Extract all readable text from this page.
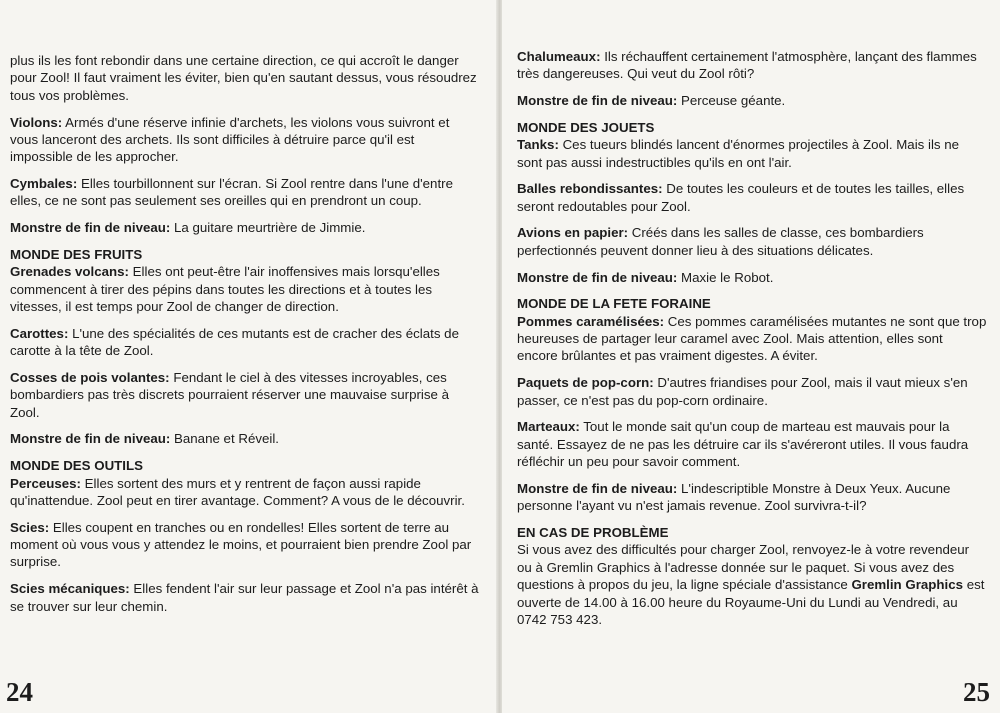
plus ils les font rebondir dans une certaine direction, ce qui accroît le danger pour Zool! Il faut vraiment les éviter, bien qu'en sautant dessus, vous résoudrez tous vos problèmes.

Violons: Armés d'une réserve infinie d'archets, les violons vous suivront et vous lanceront des archets. Ils sont difficiles à détruire parce qu'il est impossible de les approcher.

Cymbales: Elles tourbillonnent sur l'écran. Si Zool rentre dans l'une d'entre elles, ce ne sont pas seulement ses oreilles qui en prendront un coup.

Monstre de fin de niveau: La guitare meurtrière de Jimmie.

MONDE DES FRUITS

Grenades volcans: Elles ont peut-être l'air inoffensives mais lorsqu'elles commencent à tirer des pépins dans toutes les directions et à toutes les vitesses, il est temps pour Zool de changer de direction.

Carottes: L'une des spécialités de ces mutants est de cracher des éclats de carotte à la tête de Zool.

Cosses de pois volantes: Fendant le ciel à des vitesses incroyables, ces bombardiers pas très discrets pourraient réserver une mauvaise surprise à Zool.

Monstre de fin de niveau: Banane et Réveil.

MONDE DES OUTILS

Perceuses: Elles sortent des murs et y rentrent de façon aussi rapide qu'inattendue. Zool peut en tirer avantage. Comment? A vous de le découvrir.

Scies: Elles coupent en tranches ou en rondelles! Elles sortent de terre au moment où vous vous y attendez le moins, et pourraient bien prendre Zool par surprise.

Scies mécaniques: Elles fendent l'air sur leur passage et Zool n'a pas intérêt à se trouver sur leur chemin.

24

Chalumeaux: Ils réchauffent certainement l'atmosphère, lançant des flammes très dangereuses. Qui veut du Zool rôti?

Monstre de fin de niveau: Perceuse géante.

MONDE DES JOUETS

Tanks: Ces tueurs blindés lancent d'énormes projectiles à Zool. Mais ils ne sont pas aussi indestructibles qu'ils en ont l'air.

Balles rebondissantes: De toutes les couleurs et de toutes les tailles, elles seront redoutables pour Zool.

Avions en papier: Créés dans les salles de classe, ces bombardiers perfectionnés peuvent donner lieu à des situations délicates.

Monstre de fin de niveau: Maxie le Robot.

MONDE DE LA FETE FORAINE

Pommes caramélisées: Ces pommes caramélisées mutantes ne sont que trop heureuses de partager leur caramel avec Zool. Mais attention, elles sont encore brûlantes et pas vraiment digestes. A éviter.

Paquets de pop-corn: D'autres friandises pour Zool, mais il vaut mieux s'en passer, ce n'est pas du pop-corn ordinaire.

Marteaux: Tout le monde sait qu'un coup de marteau est mauvais pour la santé. Essayez de ne pas les détruire car ils s'avéreront utiles. Il vous faudra réfléchir un peu pour savoir comment.

Monstre de fin de niveau: L'indescriptible Monstre à Deux Yeux. Aucune personne l'ayant vu n'est jamais revenue. Zool survivra-t-il?

EN CAS DE PROBLÈME

Si vous avez des difficultés pour charger Zool, renvoyez-le à votre revendeur ou à Gremlin Graphics à l'adresse donnée sur le paquet. Si vous avez des questions à propos du jeu, la ligne spéciale d'assistance Gremlin Graphics est ouverte de 14.00 à 16.00 heure du Royaume-Uni du Lundi au Vendredi, au 0742 753 423.

25
